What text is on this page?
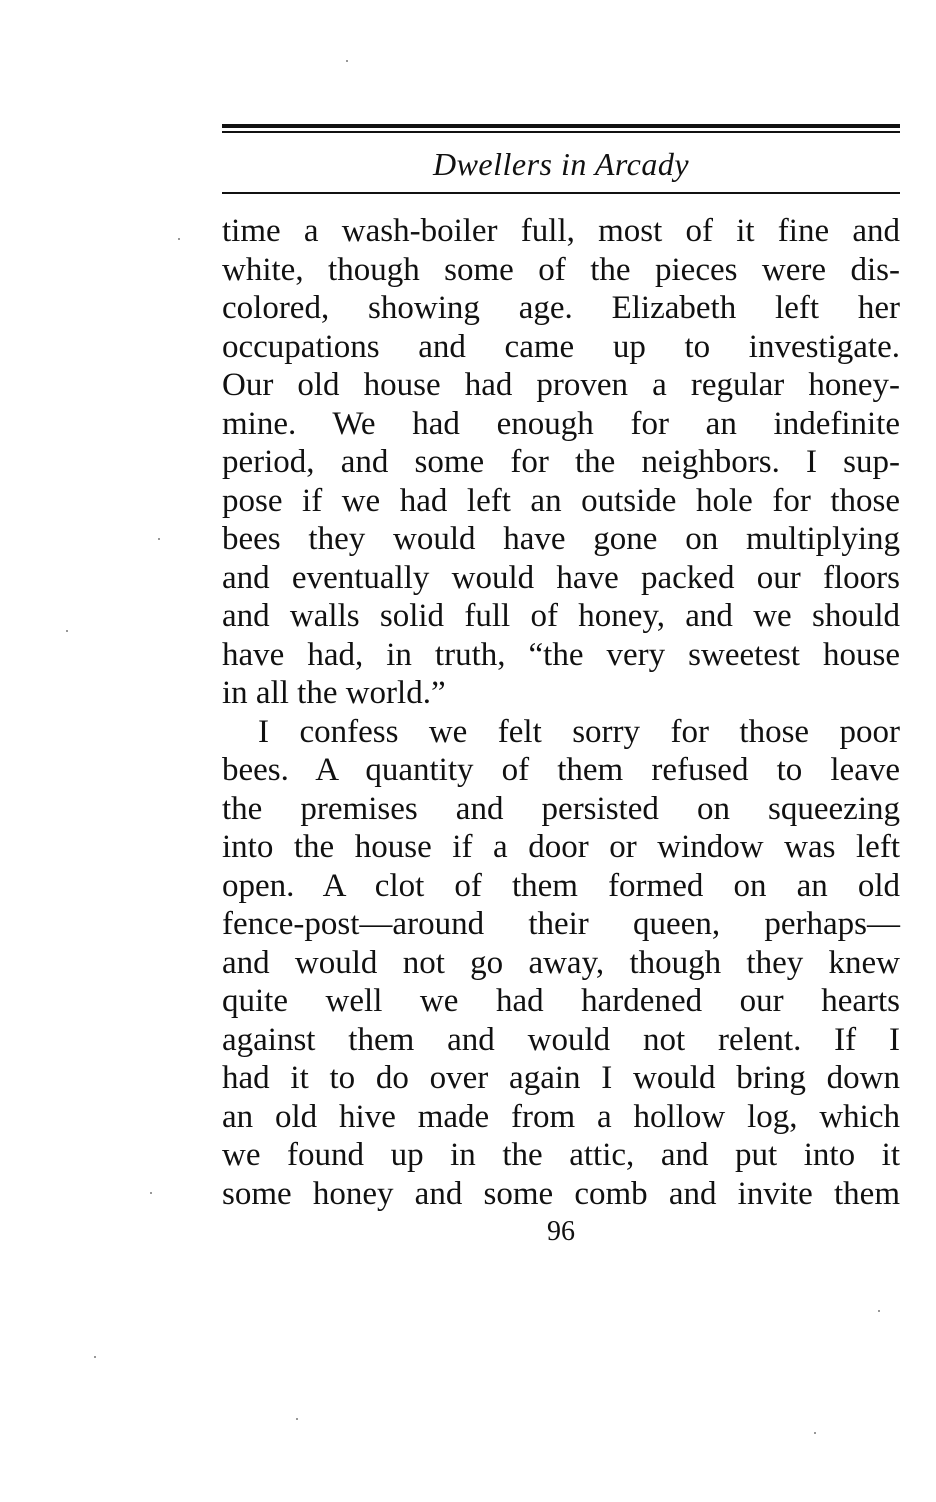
Dwellers in Arcady
time a wash-boiler full, most of it fine and
white, though some of the pieces were dis-
colored, showing age. Elizabeth left her
occupations and came up to investigate.
Our old house had proven a regular honey-
mine. We had enough for an indefinite
period, and some for the neighbors. I sup-
pose if we had left an outside hole for those
bees they would have gone on multiplying
and eventually would have packed our floors
and walls solid full of honey, and we should
have had, in truth, “the very sweetest house
in all the world.”
I confess we felt sorry for those poor
bees. A quantity of them refused to leave
the premises and persisted on squeezing
into the house if a door or window was left
open. A clot of them formed on an old
fence-post—around their queen, perhaps—
and would not go away, though they knew
quite well we had hardened our hearts
against them and would not relent. If I
had it to do over again I would bring down
an old hive made from a hollow log, which
we found up in the attic, and put into it
some honey and some comb and invite them
96
